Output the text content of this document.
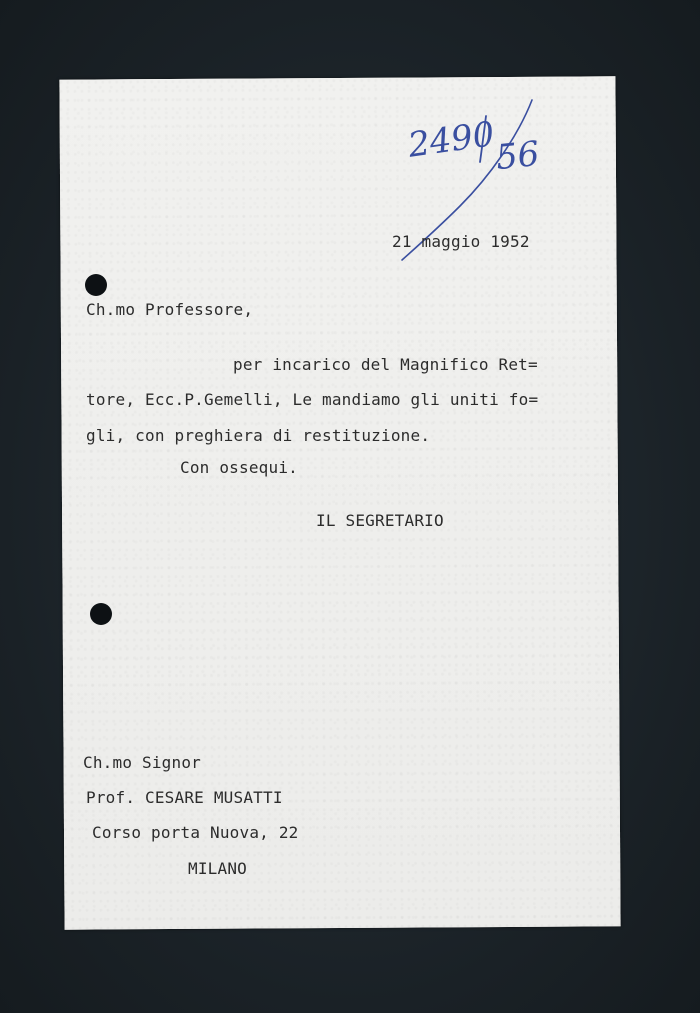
2490
56

21 maggio 1952

Ch.mo Professore,

per incarico del Magnifico Ret=

tore, Ecc.P.Gemelli, Le mandiamo gli uniti fo=

gli, con preghiera di restituzione.

Con ossequi.

IL SEGRETARIO

Ch.mo Signor

Prof. CESARE MUSATTI

Corso porta Nuova, 22

MILANO
